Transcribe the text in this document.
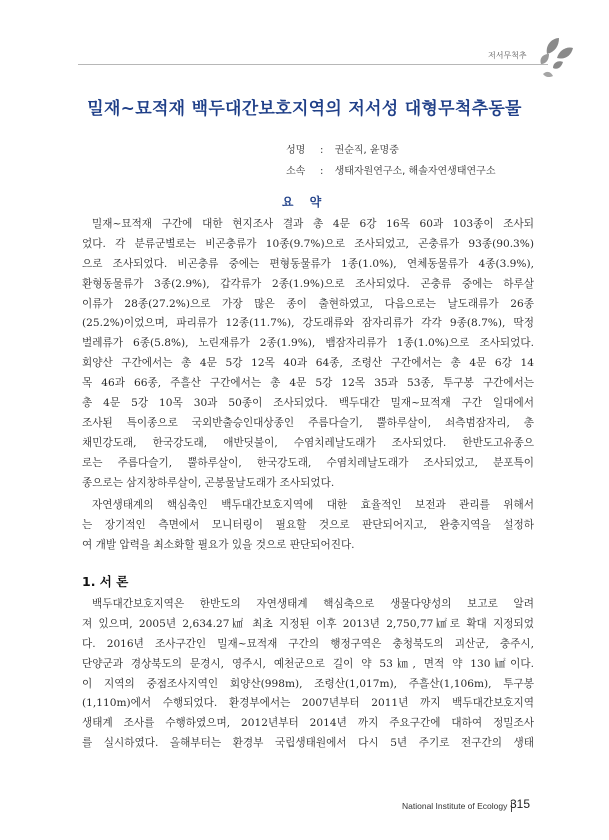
저서무척추
밀재~묘적재 백두대간보호지역의 저서성 대형무척추동물
성명 : 권순직, 윤명중
소속 : 생태자원연구소, 해솔자연생태연구소
요 약

밀재~묘적재 구간에 대한 현지조사 결과 총 4문 6강 16목 60과 103종이 조사되
었다. 각 분류군별로는 비곤충류가 10종(9.7%)으로 조사되었고, 곤충류가 93종(90.3%)
으로 조사되었다. 비곤충류 중에는 편형동물류가 1종(1.0%), 연체동물류가 4종(3.9%),
환형동물류가 3종(2.9%), 갑각류가 2종(1.9%)으로 조사되었다. 곤충류 중에는 하루살
이류가 28종(27.2%)으로 가장 많은 종이 출현하였고, 다음으로는 날도래류가 26종
(25.2%)이었으며, 파리류가 12종(11.7%), 강도래류와 잠자리류가 각각 9종(8.7%), 딱정
벌레류가 6종(5.8%), 노린재류가 2종(1.9%), 뱀잠자리류가 1종(1.0%)으로 조사되었다.
회양산 구간에서는 총 4문 5강 12목 40과 64종, 조령산 구간에서는 총 4문 6강 14
목 46과 66종, 주흘산 구간에서는 총 4문 5강 12목 35과 53종, 투구봉 구간에서는
총 4문 5강 10목 30과 50종이 조사되었다. 백두대간 밀재~묘적재 구간 일대에서
조사된 특이종으로 국외반출승인대상종인 주름다슬기, 뿔하루살이, 쇠측범잠자리, 총
채민강도래, 한국강도래, 애반딧불이, 수염치레날도래가 조사되었다. 한반도고유종으
로는 주름다슬기, 뿔하루살이, 한국강도래, 수염치레날도래가 조사되었고, 분포특이
종으로는 삼지창하루살이, 곤봉물날도래가 조사되었다.

자연생태계의 핵심축인 백두대간보호지역에 대한 효율적인 보전과 관리를 위해서
는 장기적인 측면에서 모니터링이 필요할 것으로 판단되어지고, 완충지역을 설정하
여 개발 압력을 최소화할 필요가 있을 것으로 판단되어진다.

1. 서 론

백두대간보호지역은 한반도의 자연생태계 핵심축으로 생물다양성의 보고로 알려
져 있으며, 2005년 2,634.27㎢ 최초 지정된 이후 2013년 2,750,77㎢로 확대 지정되었
다. 2016년 조사구간인 밀재~묘적재 구간의 행정구역은 충청북도의 괴산군, 충주시,
단양군과 경상북도의 문경시, 영주시, 예천군으로 길이 약 53㎞, 면적 약 130㎢이다.
이 지역의 중점조사지역인 회양산(998m), 조령산(1,017m), 주흘산(1,106m), 투구봉
(1,110m)에서 수행되었다. 환경부에서는 2007년부터 2011년 까지 백두대간보호지역
생태계 조사를 수행하였으며, 2012년부터 2014년 까지 주요구간에 대하여 정밀조사
를 실시하였다. 올해부터는 환경부 국립생태원에서 다시 5년 주기로 전구간의 생태

National Institute of Ecology 315
